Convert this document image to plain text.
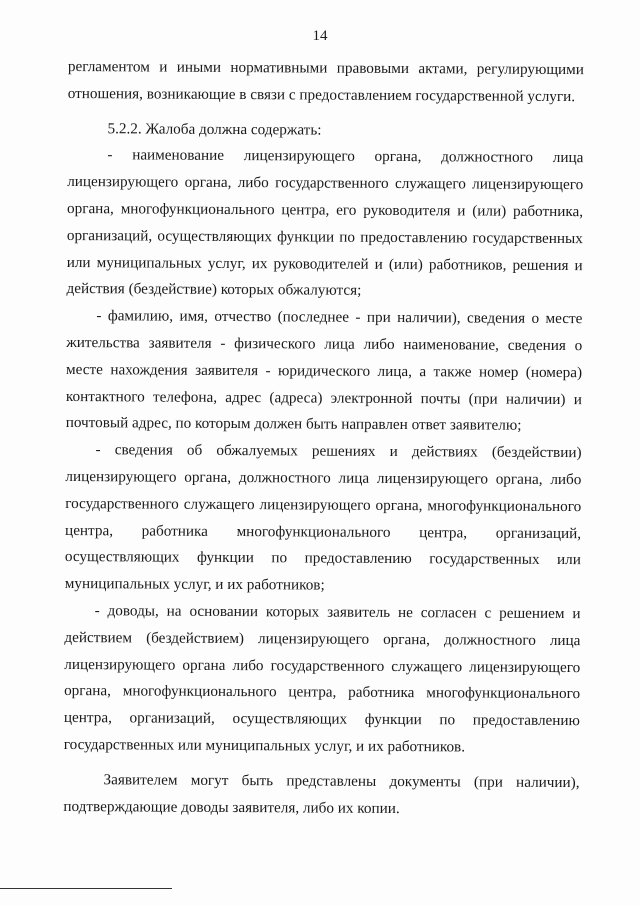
14

регламентом и иными нормативными правовыми актами, регулирующими отношения, возникающие в связи с предоставлением государственной услуги.

5.2.2. Жалоба должна содержать:

- наименование лицензирующего органа, должностного лица лицензирующего органа, либо государственного служащего лицензирующего органа, многофункционального центра, его руководителя и (или) работника, организаций, осуществляющих функции по предоставлению государственных или муниципальных услуг, их руководителей и (или) работников, решения и действия (бездействие) которых обжалуются;

- фамилию, имя, отчество (последнее - при наличии), сведения о месте жительства заявителя - физического лица либо наименование, сведения о месте нахождения заявителя - юридического лица, а также номер (номера) контактного телефона, адрес (адреса) электронной почты (при наличии) и почтовый адрес, по которым должен быть направлен ответ заявителю;

- сведения об обжалуемых решениях и действиях (бездействии) лицензирующего органа, должностного лица лицензирующего органа, либо государственного служащего лицензирующего органа, многофункционального центра, работника многофункционального центра, организаций, осуществляющих функции по предоставлению государственных или муниципальных услуг, и их работников;

- доводы, на основании которых заявитель не согласен с решением и действием (бездействием) лицензирующего органа, должностного лица лицензирующего органа либо государственного служащего лицензирующего органа, многофункционального центра, работника многофункционального центра, организаций, осуществляющих функции по предоставлению государственных или муниципальных услуг, и их работников.

Заявителем могут быть представлены документы (при наличии), подтверждающие доводы заявителя, либо их копии.
